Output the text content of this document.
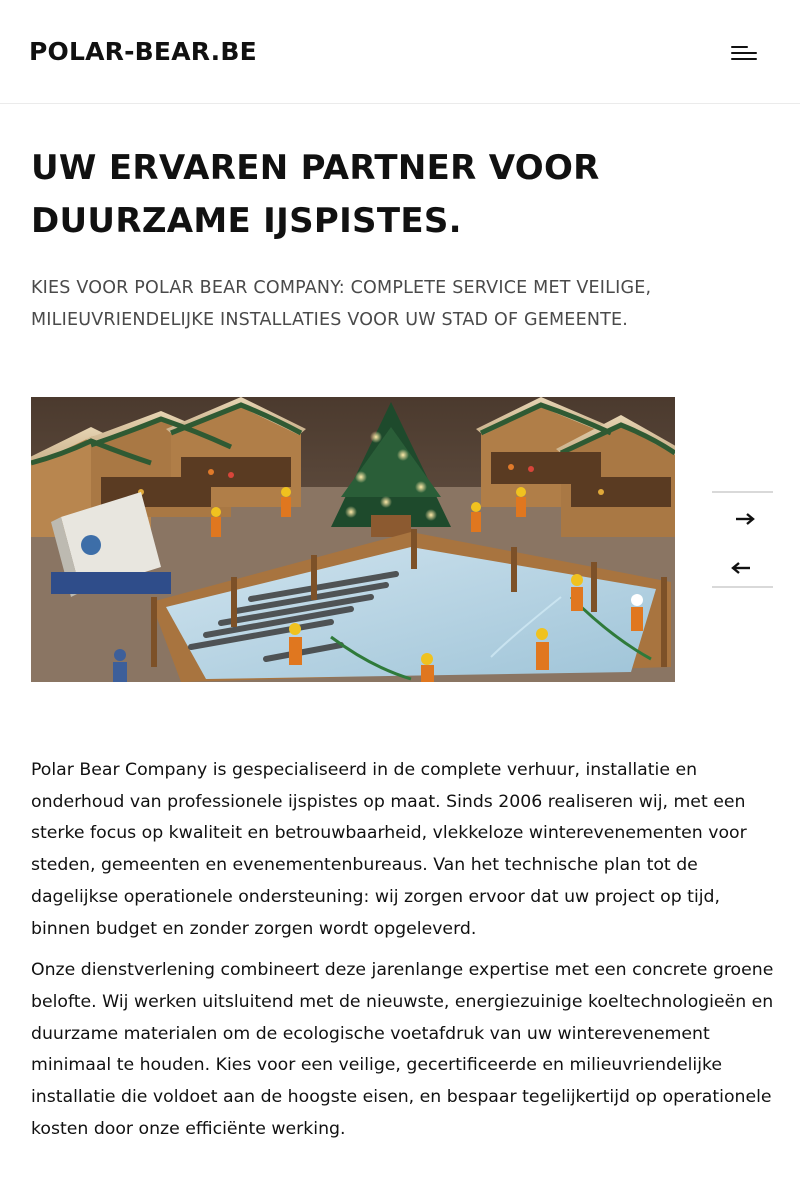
POLAR-BEAR.BE
UW ERVAREN PARTNER VOOR DUURZAME IJSPISTES.

KIES VOOR POLAR BEAR COMPANY: COMPLETE SERVICE MET VEILIGE, MILIEUVRIENDELIJKE INSTALLATIES VOOR UW STAD OF GEMEENTE.

Polar Bear Company is gespecialiseerd in de complete verhuur, installatie en onderhoud van professionele ijspistes op maat. Sinds 2006 realiseren wij, met een sterke focus op kwaliteit en betrouwbaarheid, vlekkeloze winterevenementen voor steden, gemeenten en evenementenbureaus. Van het technische plan tot de dagelijkse operationele ondersteuning: wij zorgen ervoor dat uw project op tijd, binnen budget en zonder zorgen wordt opgeleverd.

Onze dienstverlening combineert deze jarenlange expertise met een concrete groene belofte. Wij werken uitsluitend met de nieuwste, energiezuinige koeltechnologieën en duurzame materialen om de ecologische voetafdruk van uw winterevenement minimaal te houden. Kies voor een veilige, gecertificeerde en milieuvriendelijke installatie die voldoet aan de hoogste eisen, en bespaar tegelijkertijd op operationele kosten door onze efficiënte werking.
